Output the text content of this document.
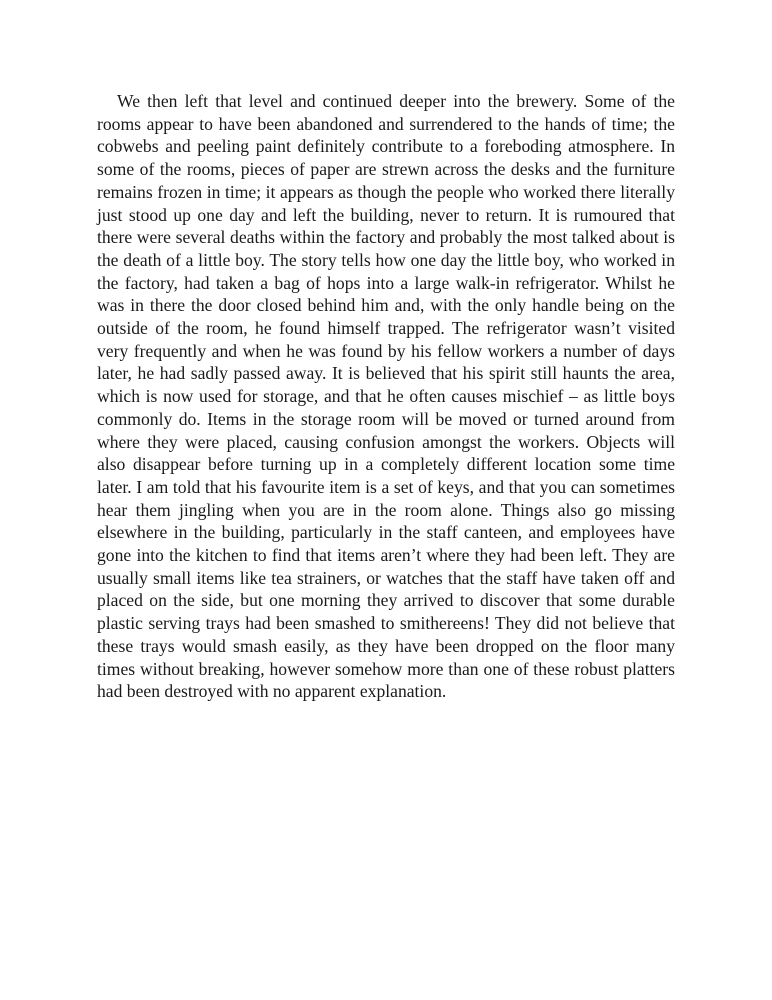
We then left that level and continued deeper into the brewery. Some of the rooms appear to have been abandoned and surrendered to the hands of time; the cobwebs and peeling paint definitely contribute to a foreboding atmosphere. In some of the rooms, pieces of paper are strewn across the desks and the furniture remains frozen in time; it appears as though the people who worked there literally just stood up one day and left the building, never to return. It is rumoured that there were several deaths within the factory and probably the most talked about is the death of a little boy. The story tells how one day the little boy, who worked in the factory, had taken a bag of hops into a large walk-in refrigerator. Whilst he was in there the door closed behind him and, with the only handle being on the outside of the room, he found himself trapped. The refrigerator wasn’t visited very frequently and when he was found by his fellow workers a number of days later, he had sadly passed away. It is believed that his spirit still haunts the area, which is now used for storage, and that he often causes mischief – as little boys commonly do. Items in the storage room will be moved or turned around from where they were placed, causing confusion amongst the workers. Objects will also disappear before turning up in a completely different location some time later. I am told that his favourite item is a set of keys, and that you can sometimes hear them jingling when you are in the room alone. Things also go missing elsewhere in the building, particularly in the staff canteen, and employees have gone into the kitchen to find that items aren’t where they had been left. They are usually small items like tea strainers, or watches that the staff have taken off and placed on the side, but one morning they arrived to discover that some durable plastic serving trays had been smashed to smithereens! They did not believe that these trays would smash easily, as they have been dropped on the floor many times without breaking, however somehow more than one of these robust platters had been destroyed with no apparent explanation.
